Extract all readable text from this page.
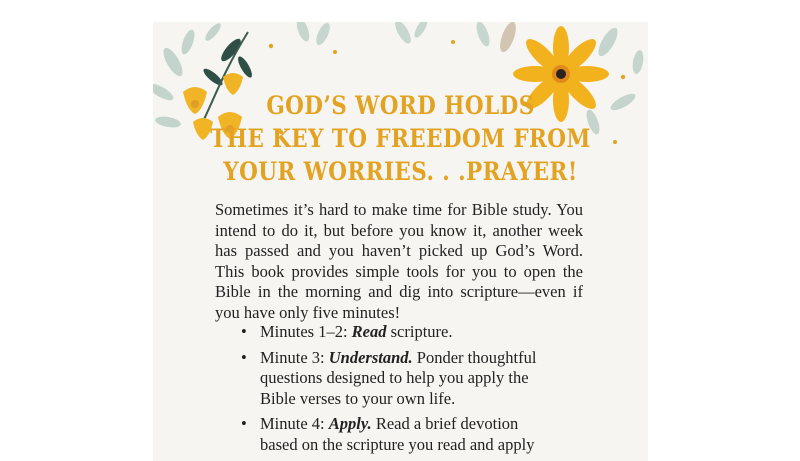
GOD’S WORD HOLDS
THE KEY TO FREEDOM FROM
YOUR WORRIES. . .PRAYER!

Sometimes it’s hard to make time for Bible study. You intend to do it, but before you know it, another week has passed and you haven’t picked up God’s Word. This book provides simple tools for you to open the Bible in the morning and dig into scripture—even if you have only five minutes!

• Minutes 1–2: Read scripture.
• Minute 3: Understand. Ponder thoughtful questions designed to help you apply the Bible verses to your own life.
• Minute 4: Apply. Read a brief devotion based on the scripture you read and apply
